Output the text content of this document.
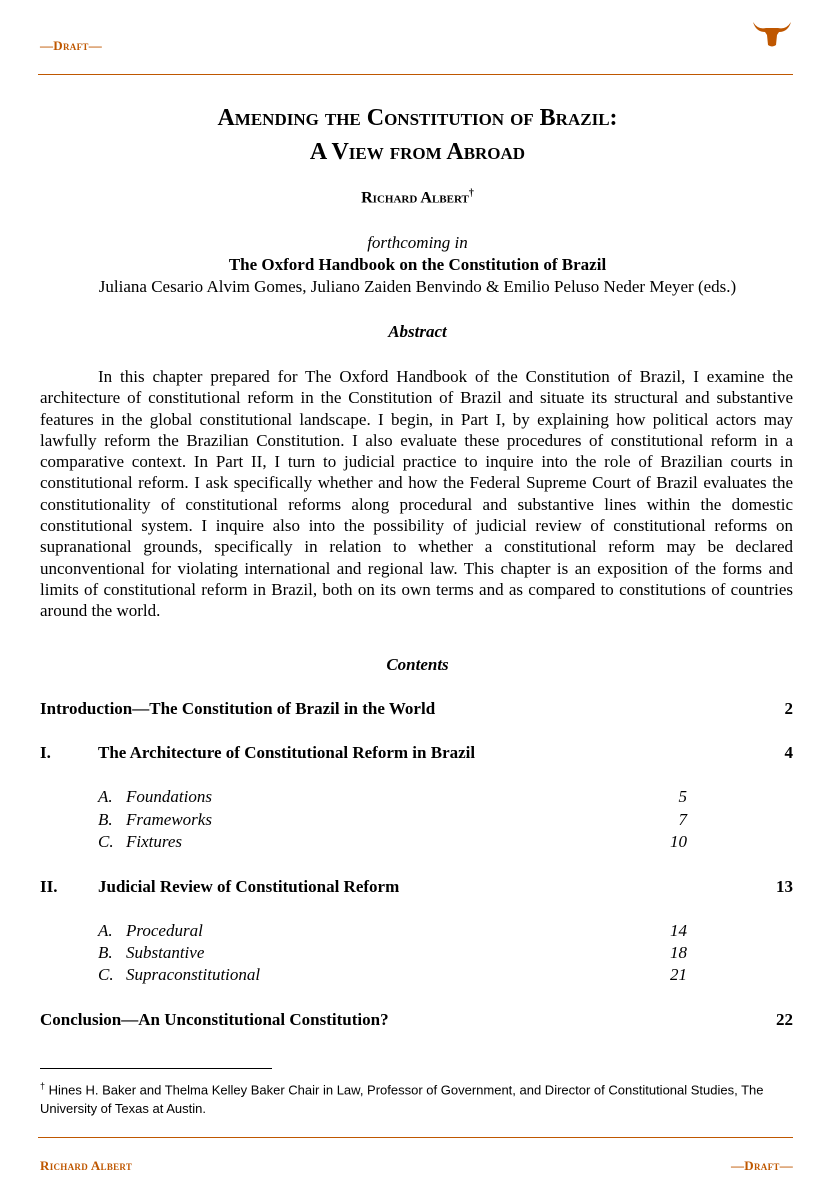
—Draft—
Amending the Constitution of Brazil:
A View from Abroad
Richard Albert†
forthcoming in
The Oxford Handbook on the Constitution of Brazil
Juliana Cesario Alvim Gomes, Juliano Zaiden Benvindo & Emilio Peluso Neder Meyer (eds.)
Abstract

In this chapter prepared for The Oxford Handbook of the Constitution of Brazil, I examine the architecture of constitutional reform in the Constitution of Brazil and situate its structural and substantive features in the global constitutional landscape. I begin, in Part I, by explaining how political actors may lawfully reform the Brazilian Constitution. I also evaluate these procedures of constitutional reform in a comparative context. In Part II, I turn to judicial practice to inquire into the role of Brazilian courts in constitutional reform. I ask specifically whether and how the Federal Supreme Court of Brazil evaluates the constitutionality of constitutional reforms along procedural and substantive lines within the domestic constitutional system. I inquire also into the possibility of judicial review of constitutional reforms on supranational grounds, specifically in relation to whether a constitutional reform may be declared unconventional for violating international and regional law. This chapter is an exposition of the forms and limits of constitutional reform in Brazil, both on its own terms and as compared to constitutions of countries around the world.

Contents
Introduction—The Constitution of Brazil in the World	2
I.	The Architecture of Constitutional Reform in Brazil	4
A. Foundations	5
B. Frameworks	7
C. Fixtures	10
II. Judicial Review of Constitutional Reform	13
A. Procedural	14
B. Substantive	18
C. Supraconstitutional	21
Conclusion—An Unconstitutional Constitution?	22
† Hines H. Baker and Thelma Kelley Baker Chair in Law, Professor of Government, and Director of Constitutional Studies, The University of Texas at Austin.
Richard Albert	—Draft—
